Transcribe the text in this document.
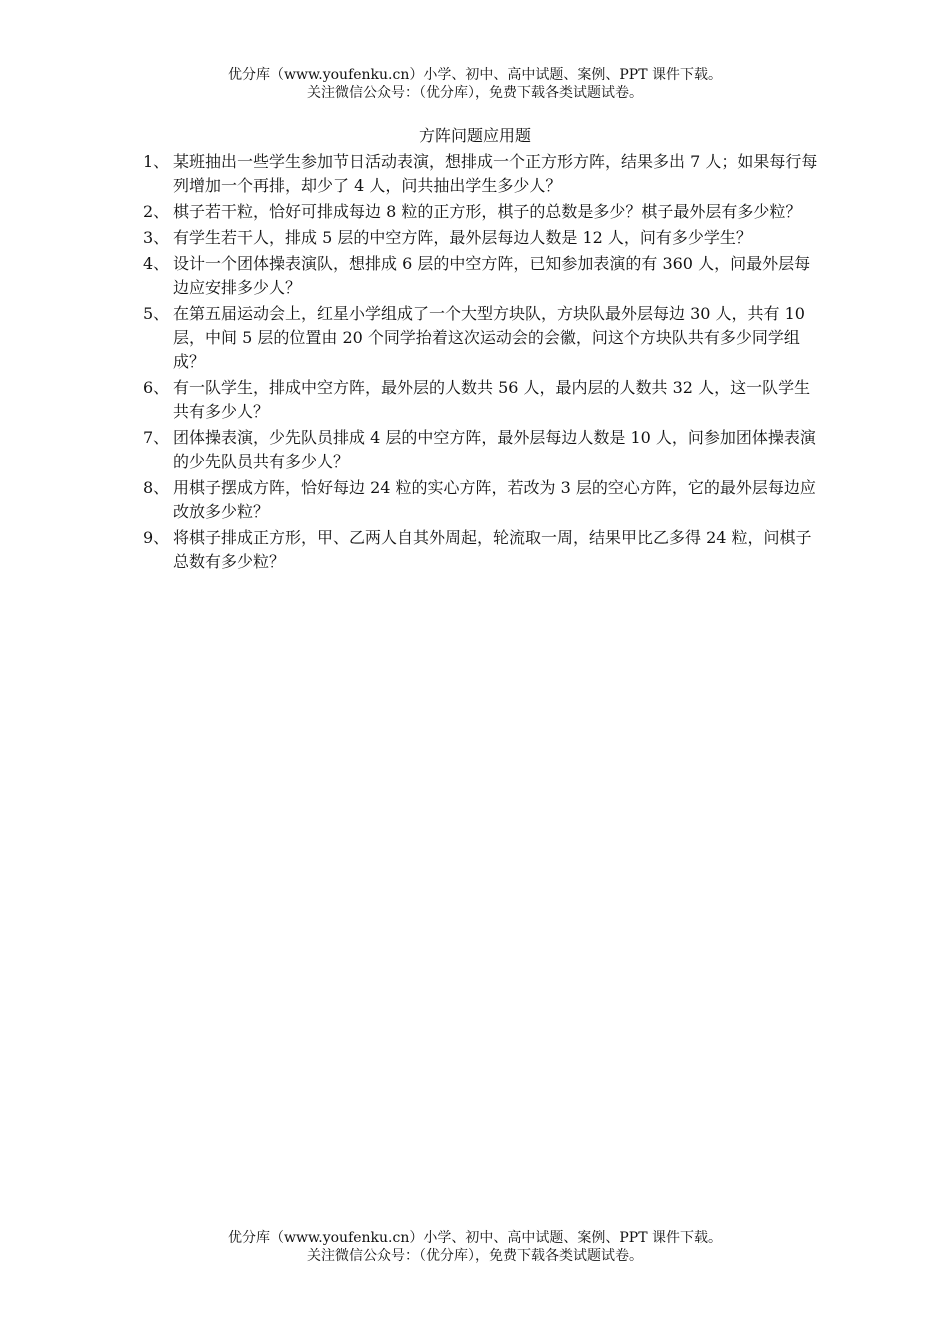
优分库（www.youfenku.cn）小学、初中、高中试题、案例、PPT 课件下载。
关注微信公众号：（优分库），免费下载各类试题试卷。
方阵问题应用题
1、 某班抽出一些学生参加节日活动表演，想排成一个正方形方阵，结果多出 7 人；如果每行每列增加一个再排，却少了 4 人，问共抽出学生多少人？
2、 棋子若干粒，恰好可排成每边 8 粒的正方形，棋子的总数是多少？棋子最外层有多少粒？
3、 有学生若干人，排成 5 层的中空方阵，最外层每边人数是 12 人，问有多少学生？
4、 设计一个团体操表演队，想排成 6 层的中空方阵，已知参加表演的有 360 人，问最外层每边应安排多少人？
5、 在第五届运动会上，红星小学组成了一个大型方块队，方块队最外层每边 30 人，共有 10 层，中间 5 层的位置由 20 个同学抬着这次运动会的会徽，问这个方块队共有多少同学组成？
6、 有一队学生，排成中空方阵，最外层的人数共 56 人，最内层的人数共 32 人，这一队学生共有多少人？
7、 团体操表演，少先队员排成 4 层的中空方阵，最外层每边人数是 10 人，问参加团体操表演的少先队员共有多少人？
8、 用棋子摆成方阵，恰好每边 24 粒的实心方阵，若改为 3 层的空心方阵，它的最外层每边应改放多少粒？
9、 将棋子排成正方形，甲、乙两人自其外周起，轮流取一周，结果甲比乙多得 24 粒，问棋子总数有多少粒？
优分库（www.youfenku.cn）小学、初中、高中试题、案例、PPT 课件下载。
关注微信公众号：（优分库），免费下载各类试题试卷。
